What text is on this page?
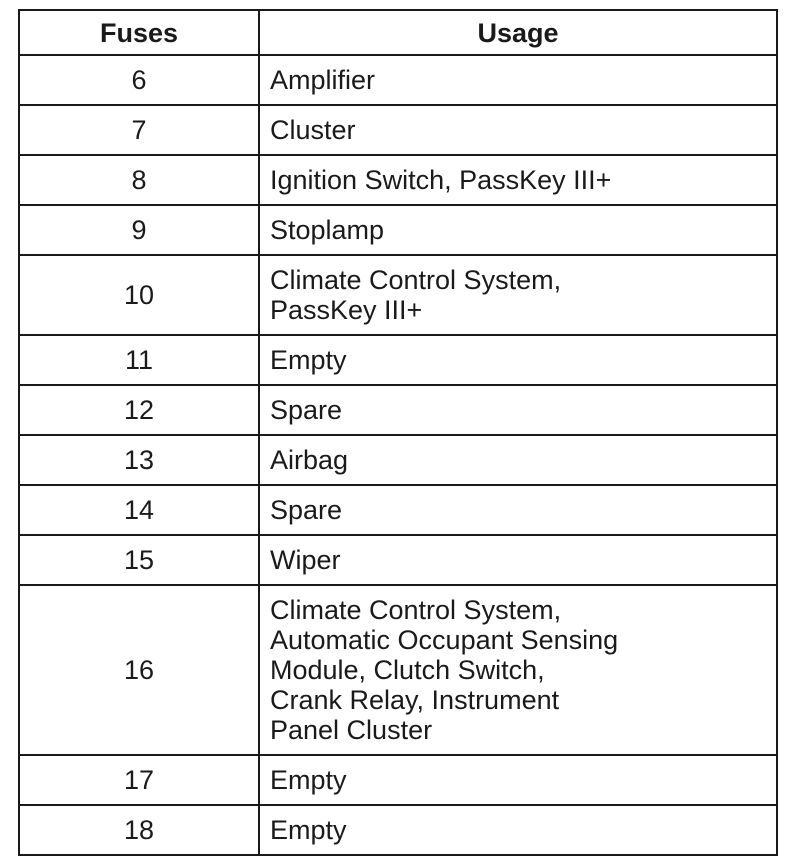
Fuses	Usage
6	Amplifier

7	Cluster

8	Ignition Switch, PassKey III+

9	Stoplamp

10	Climate Control System,
PassKey III+

11	Empty

12	Spare

13	Airbag

14	Spare

15	Wiper

16	Climate Control System,
Automatic Occupant Sensing
Module, Clutch Switch,
Crank Relay, Instrument
Panel Cluster

17	Empty

18	Empty
